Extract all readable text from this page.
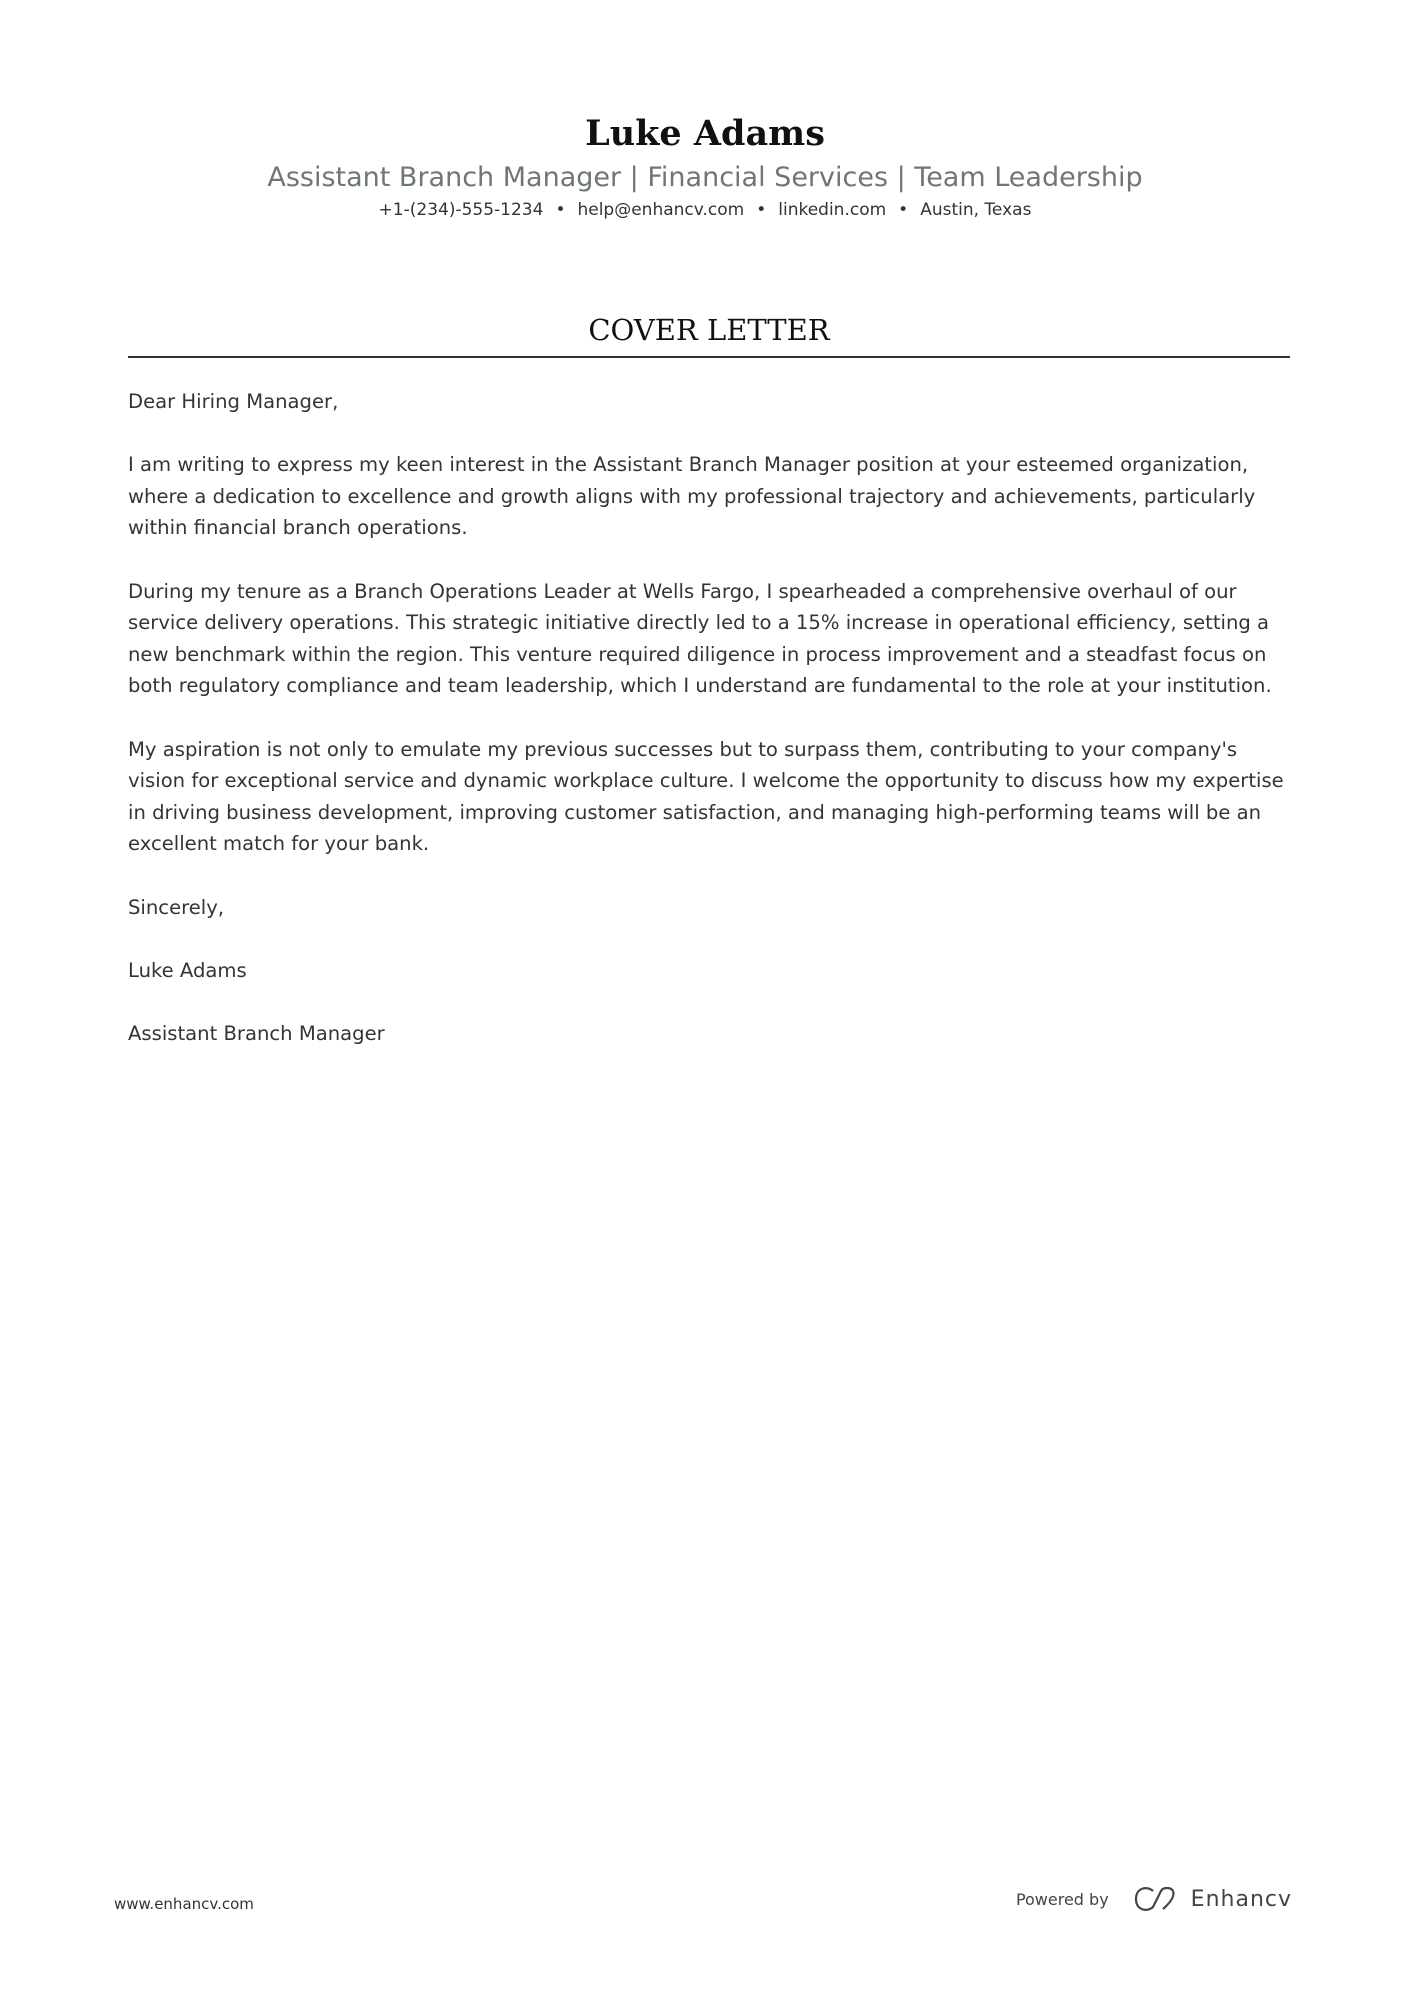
Luke Adams
Assistant Branch Manager | Financial Services | Team Leadership
+1-(234)-555-1234 • help@enhancv.com • linkedin.com • Austin, Texas
COVER LETTER

Dear Hiring Manager,

I am writing to express my keen interest in the Assistant Branch Manager position at your esteemed organization, where a dedication to excellence and growth aligns with my professional trajectory and achievements, particularly within financial branch operations.

During my tenure as a Branch Operations Leader at Wells Fargo, I spearheaded a comprehensive overhaul of our service delivery operations. This strategic initiative directly led to a 15% increase in operational efficiency, setting a new benchmark within the region. This venture required diligence in process improvement and a steadfast focus on both regulatory compliance and team leadership, which I understand are fundamental to the role at your institution.

My aspiration is not only to emulate my previous successes but to surpass them, contributing to your company's vision for exceptional service and dynamic workplace culture. I welcome the opportunity to discuss how my expertise in driving business development, improving customer satisfaction, and managing high-performing teams will be an excellent match for your bank.

Sincerely,

Luke Adams

Assistant Branch Manager

www.enhancv.com	Powered by	Enhancv
